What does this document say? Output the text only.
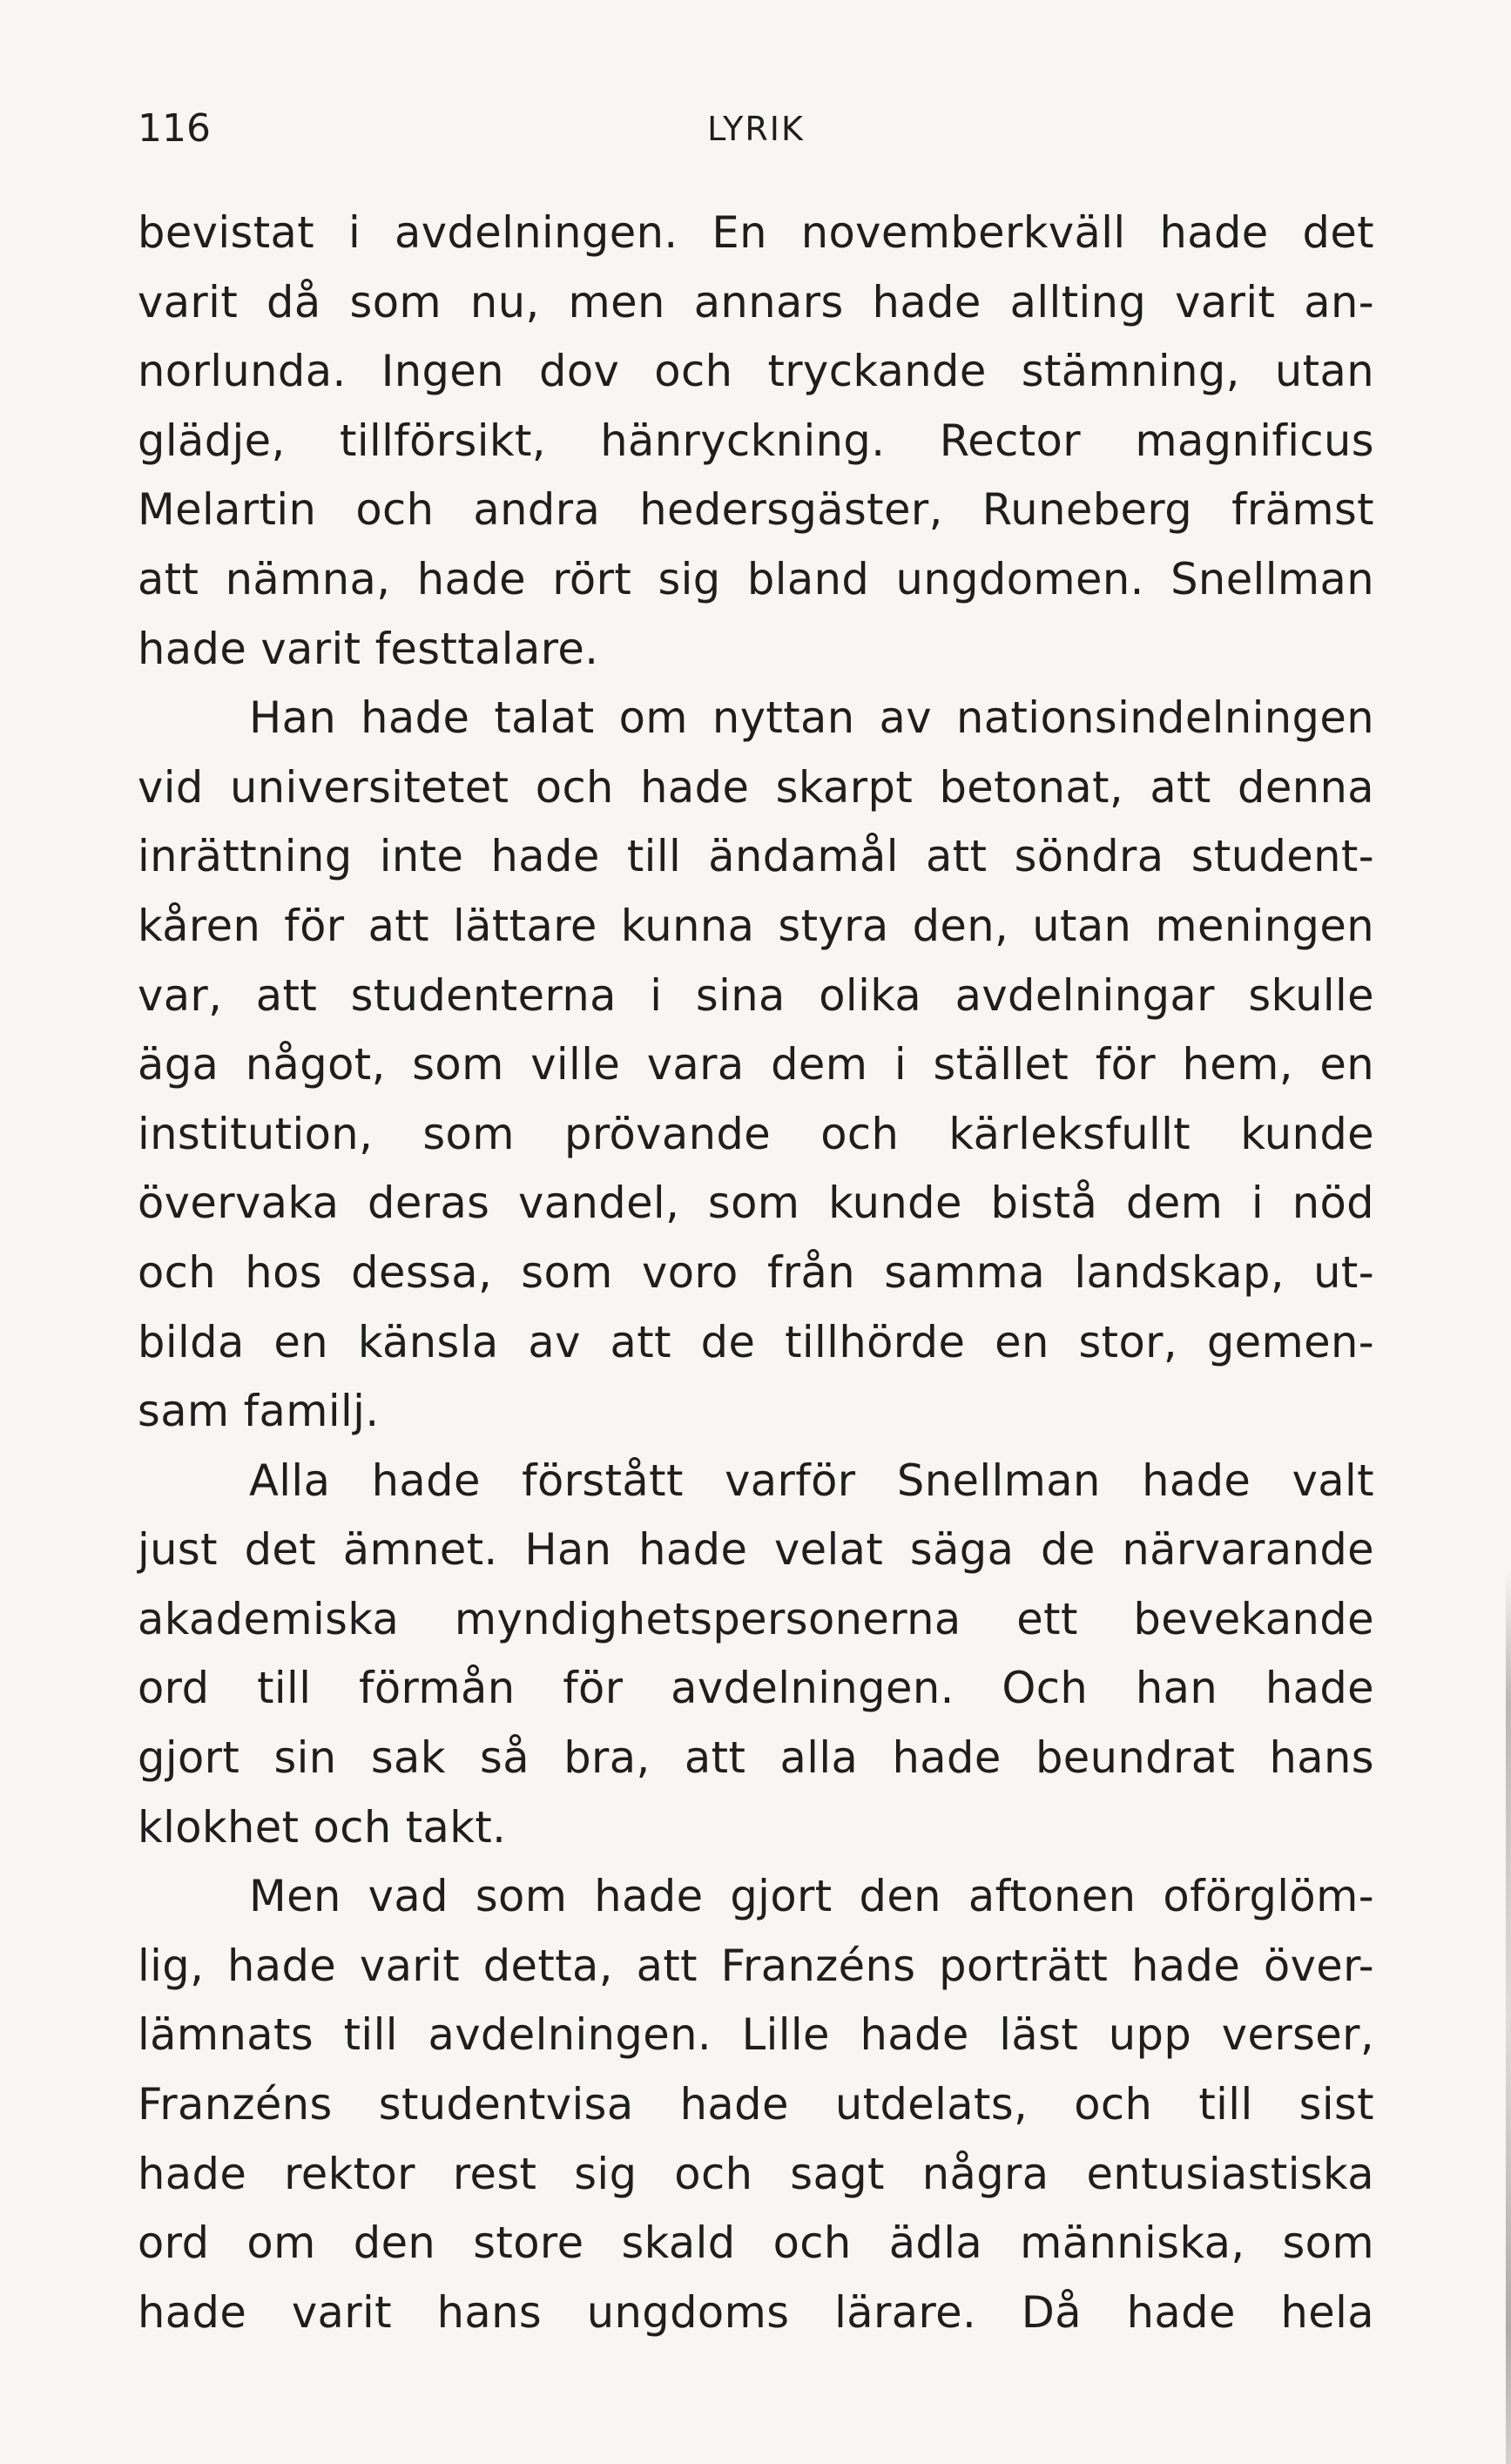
116	LYRIK
bevistat i avdelningen. En novemberkväll hade det
varit då som nu, men annars hade allting varit an-
norlunda. Ingen dov och tryckande stämning, utan
glädje, tillförsikt, hänryckning. Rector magnificus
Melartin och andra hedersgäster, Runeberg främst
att nämna, hade rört sig bland ungdomen. Snellman
hade varit festtalare.
Han hade talat om nyttan av nationsindelningen
vid universitetet och hade skarpt betonat, att denna
inrättning inte hade till ändamål att söndra student-
kåren för att lättare kunna styra den, utan meningen
var, att studenterna i sina olika avdelningar skulle
äga något, som ville vara dem i stället för hem, en
institution, som prövande och kärleksfullt kunde
övervaka deras vandel, som kunde bistå dem i nöd
och hos dessa, som voro från samma landskap, ut-
bilda en känsla av att de tillhörde en stor, gemen-
sam familj.
Alla hade förstått varför Snellman hade valt
just det ämnet. Han hade velat säga de närvarande
akademiska myndighetspersonerna ett bevekande
ord till förmån för avdelningen. Och han hade
gjort sin sak så bra, att alla hade beundrat hans
klokhet och takt.
Men vad som hade gjort den aftonen oförglöm-
lig, hade varit detta, att Franzéns porträtt hade över-
lämnats till avdelningen. Lille hade läst upp verser,
Franzéns studentvisa hade utdelats, och till sist
hade rektor rest sig och sagt några entusiastiska
ord om den store skald och ädla människa, som
hade varit hans ungdoms lärare. Då hade hela
